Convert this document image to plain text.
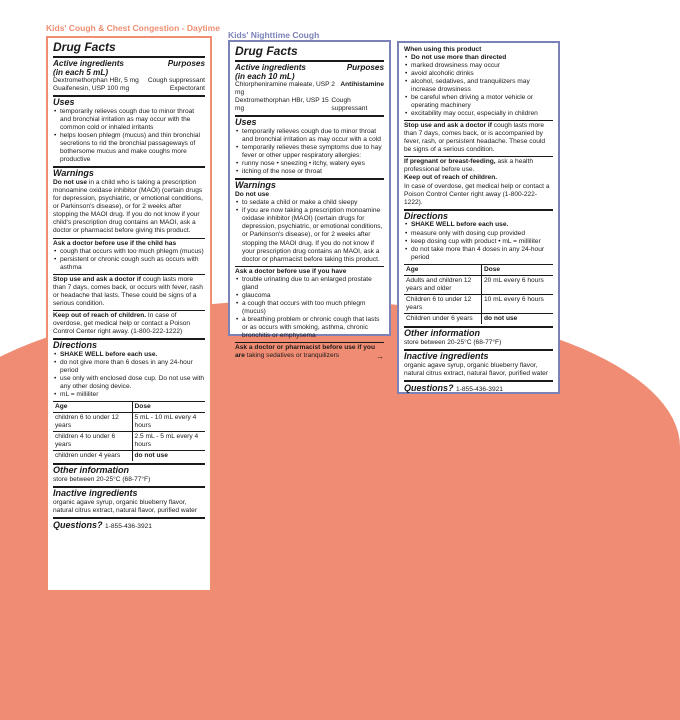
Kids' Cough & Chest Congestion - Daytime
Drug Facts
Active ingredients	Purposes
(in each 5 mL)
Dextromethorphan HBr, 5 mg Cough suppressant
Guaifenesin, USP 100 mg	Expectorant
Uses
• temporarily relieves cough due to minor throat and bronchial irritation as may occur with the common cold or inhaled irritants
• helps loosen phlegm (mucus) and thin bronchial secretions to rid the bronchial passageways of bothersome mucus and make coughs more productive
Warnings

Do not use in a child who is taking a prescription monoamine oxidase inhibitor (MAOI) (certain drugs for depression, psychiatric, or emotional conditions, or Parkinson's disease), or for 2 weeks after stopping the MAOI drug. If you do not know if your child's prescription drug contains an MAOI, ask a doctor or pharmacist before giving this product.

Ask a doctor before use if the child has

• cough that occurs with too much phlegm (mucus)
• persistent or chronic cough such as occurs with asthma

Stop use and ask a doctor if cough lasts more than 7 days, comes back, or occurs with fever, rash or headache that lasts. These could be signs of a serious condition.

Keep out of reach of children. In case of overdose, get medical help or contact a Poison Control Center right away. (1-800-222-1222)

Directions
• SHAKE WELL before each use.
• do not give more than 6 doses in any 24-hour period
• use only with enclosed dose cup. Do not use with any other dosing device.
• mL = milliliter
Age	Dose
children 6 to under 12 years	5 mL - 10 mL every 4 hours
children 4 to under 6 years	2.5 mL - 5 mL every 4 hours
children under 4 years	do not use
Other information

store between 20-25°C (68-77°F)

Inactive ingredients

organic agave syrup, organic blueberry flavor, natural citrus extract, natural flavor, purified water

Questions? 1-855-436-3921
Kids' Nighttime Cough
Drug Facts
Active ingredients	Purposes
(in each 10 mL)
Chlorpheniramine maleate, USP 2 mg
Antihistamine
Dextromethorphan HBr, USP 15 mg
Cough suppressant
Uses
• temporarily relieves cough due to minor throat and bronchial irritation as may occur with a cold
• temporarily relieves these symptoms due to hay fever or other upper respiratory allergies:
• runny nose • sneezing • itchy, watery eyes
• itching of the nose or throat
Warnings

Do not use

• to sedate a child or make a child sleepy
• if you are now taking a prescription monoamine oxidase inhibitor (MAOI) (certain drugs for depression, psychiatric, or emotional conditions, or Parkinson's disease), or for 2 weeks after stopping the MAOI drug. If you do not know if your prescription drug contains an MAOI, ask a doctor or pharmacist before taking this product.

Ask a doctor before use if you have

• trouble urinating due to an enlarged prostate gland
• glaucoma
• a cough that occurs with too much phlegm (mucus)
• a breathing problem or chronic cough that lasts or as occurs with smoking, asthma, chronic bronchitis or emphysema

Ask a doctor or pharmacist before use if you are taking sedatives or tranquilizers	→

When using this product

• Do not use more than directed
• marked drowsiness may occur
• avoid alcoholic drinks
• alcohol, sedatives, and tranquilizers may increase drowsiness
• be careful when driving a motor vehicle or operating machinery
• excitability may occur, especially in children

Stop use and ask a doctor if cough lasts more than 7 days, comes back, or is accompanied by fever, rash, or persistent headache. These could be signs of a serious condition.

If pregnant or breast-feeding, ask a health professional before use.

Keep out of reach of children.
In case of overdose, get medical help or contact a Poison Control Center right away (1-800-222-1222).

Directions
• SHAKE WELL before each use.
• measure only with dosing cup provided
• keep dosing cup with product • mL = milliliter
• do not take more than 4 doses in any 24-hour period
Age	Dose
Adults and children 12 years and older	20 mL every 6 hours
Children 6 to under 12 years	10 mL every 6 hours
Children under 6 years	do not use
Other information

store between 20-25°C (68-77°F)

Inactive ingredients

organic agave syrup, organic blueberry flavor, natural citrus extract, natural flavor, purified water

Questions? 1-855-436-3921
